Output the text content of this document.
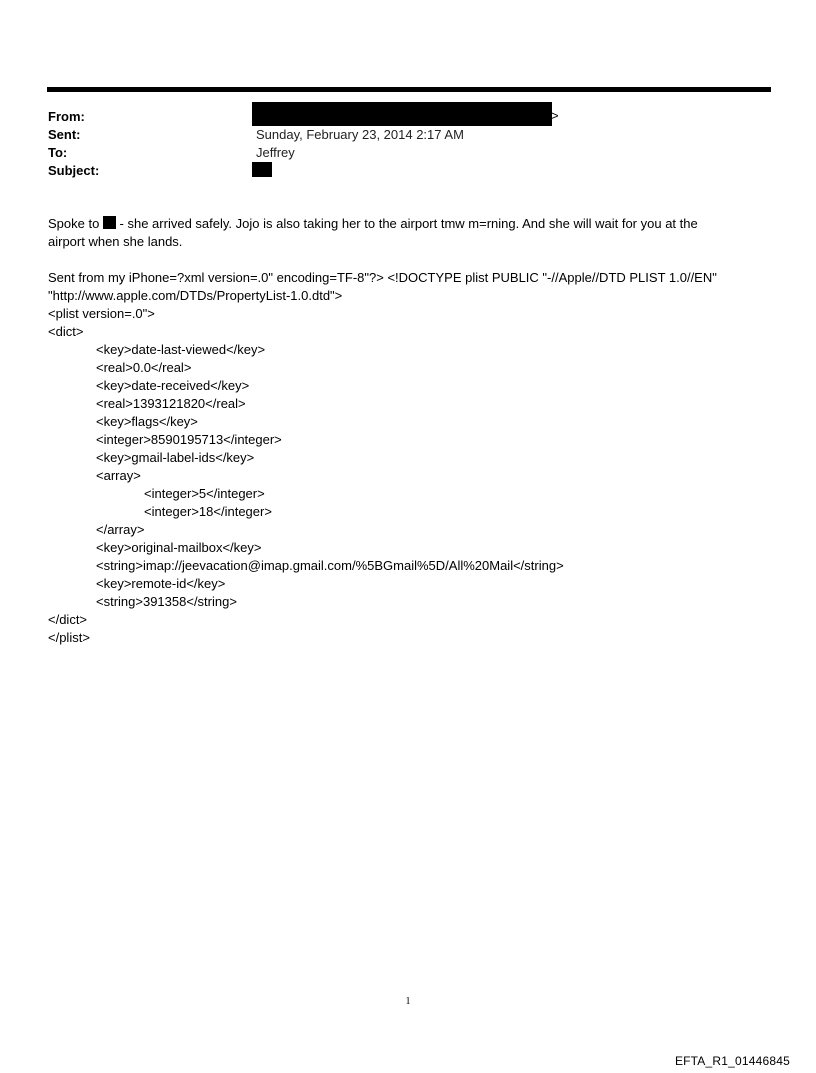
From:	>
Sent:	Sunday, February 23, 2014 2:17 AM
To:	Jeffrey
Subject:
Spoke to  - she arrived safely. Jojo is also taking her to the airport tmw m=rning. And she will wait for you at the
airport when she lands.
Sent from my iPhone=?xml version=.0" encoding=TF-8"?> <!DOCTYPE plist PUBLIC "-//Apple//DTD PLIST 1.0//EN"
"http://www.apple.com/DTDs/PropertyList-1.0.dtd">
<plist version=.0">
<dict>
<key>date-last-viewed</key>
<real>0.0</real>
<key>date-received</key>
<real>1393121820</real>
<key>flags</key>
<integer>8590195713</integer>
<key>gmail-label-ids</key>
<array>
<integer>5</integer>
<integer>18</integer>
</array>
<key>original-mailbox</key>
<string>imap://jeevacation@imap.gmail.com/%5BGmail%5D/All%20Mail</string>
<key>remote-id</key>
<string>391358</string>
</dict>
</plist>
1
EFTA_R1_01446845
